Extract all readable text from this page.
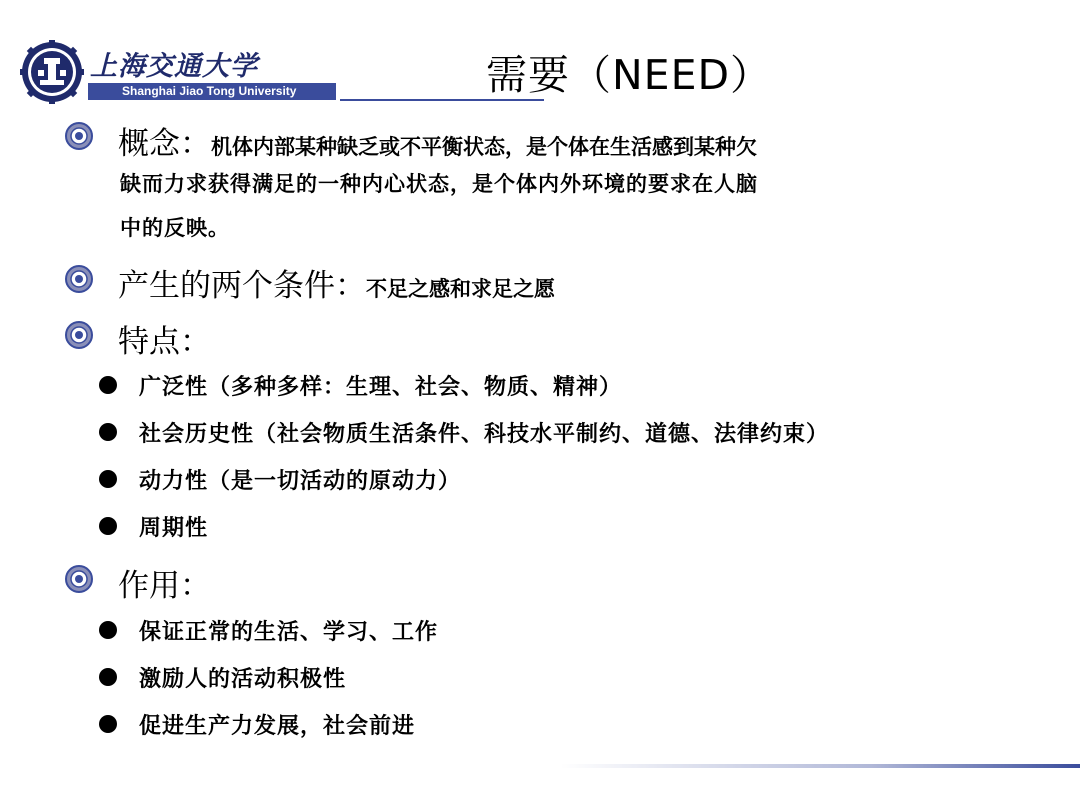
上海交通大学
Shanghai Jiao Tong University	需要（NEED）
概念：机体内部某种缺乏或不平衡状态，是个体在生活感到某种欠
缺而力求获得满足的一种内心状态，是个体内外环境的要求在人脑
中的反映。
产生的两个条件：不足之感和求足之愿
特点：
广泛性（多种多样：生理、社会、物质、精神）
社会历史性（社会物质生活条件、科技水平制约、道德、法律约束）
动力性（是一切活动的原动力）
周期性
作用：
保证正常的生活、学习、工作
激励人的活动积极性
促进生产力发展，社会前进
